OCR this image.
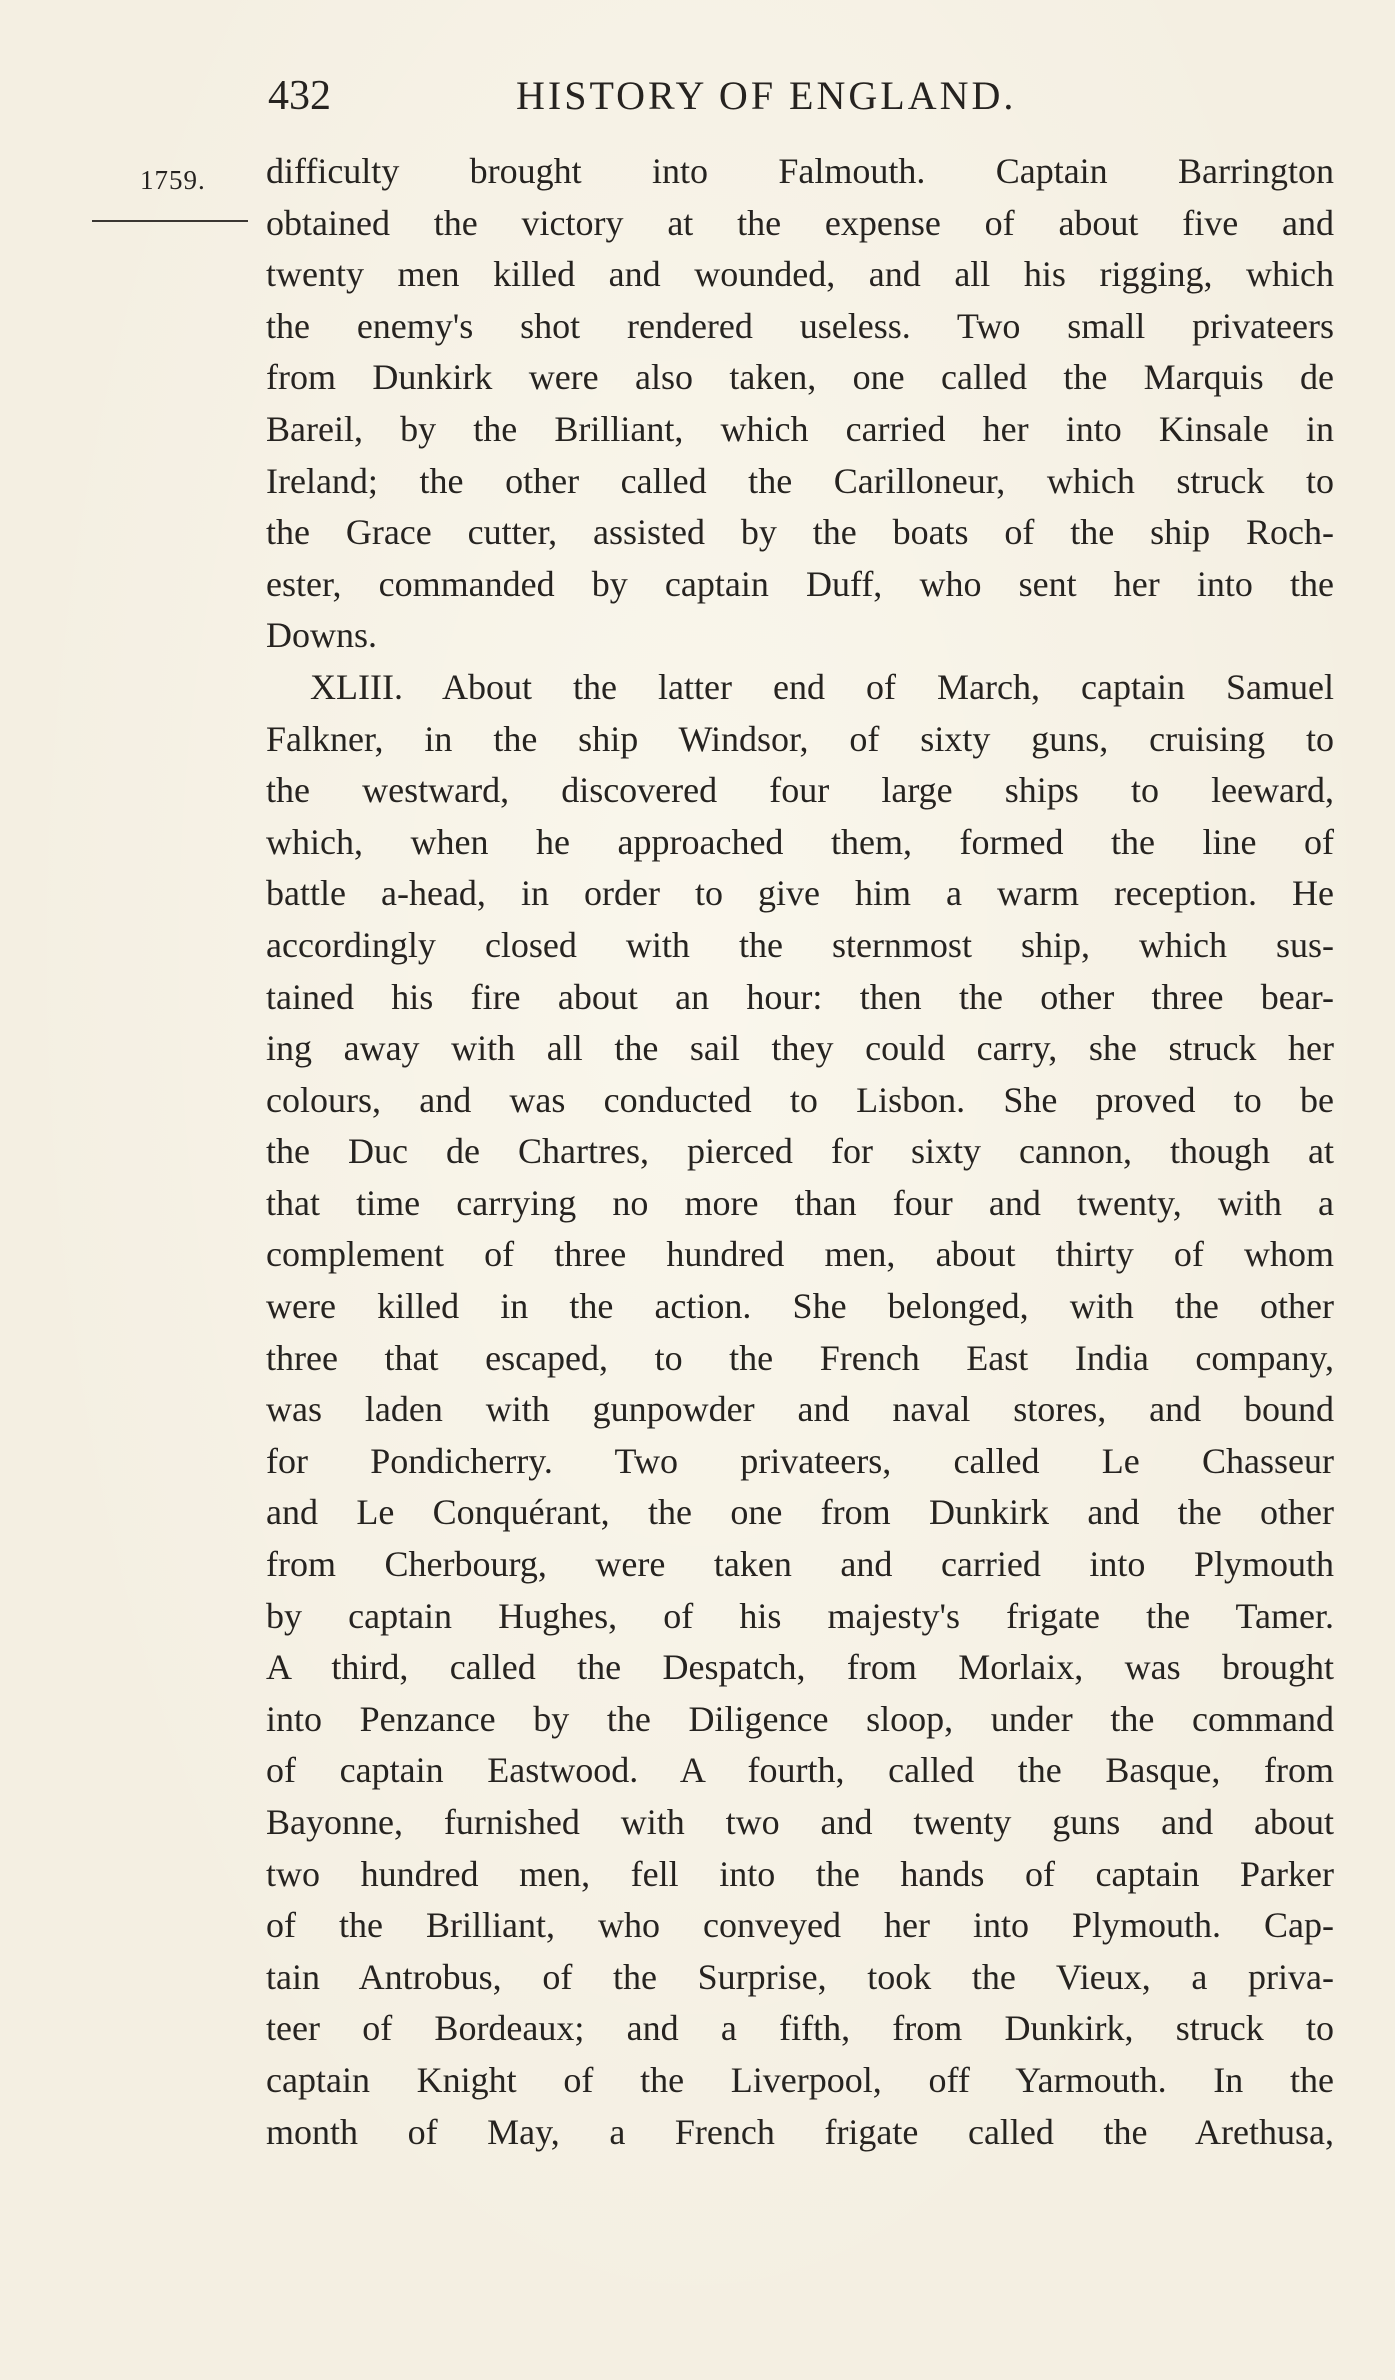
432	HISTORY OF ENGLAND.
1759. difficulty brought into Falmouth. Captain Barrington
obtained the victory at the expense of about five and
twenty men killed and wounded, and all his rigging, which
the enemy's shot rendered useless. Two small privateers
from Dunkirk were also taken, one called the Marquis de
Bareil, by the Brilliant, which carried her into Kinsale in
Ireland; the other called the Carilloneur, which struck to
the Grace cutter, assisted by the boats of the ship Roch-
ester, commanded by captain Duff, who sent her into the
Downs.
XLIII. About the latter end of March, captain Samuel
Falkner, in the ship Windsor, of sixty guns, cruising to
the westward, discovered four large ships to leeward,
which, when he approached them, formed the line of
battle a-head, in order to give him a warm reception. He
accordingly closed with the sternmost ship, which sus-
tained his fire about an hour: then the other three bear-
ing away with all the sail they could carry, she struck her
colours, and was conducted to Lisbon. She proved to be
the Duc de Chartres, pierced for sixty cannon, though at
that time carrying no more than four and twenty, with a
complement of three hundred men, about thirty of whom
were killed in the action. She belonged, with the other
three that escaped, to the French East India company,
was laden with gunpowder and naval stores, and bound
for Pondicherry. Two privateers, called Le Chasseur
and Le Conquérant, the one from Dunkirk and the other
from Cherbourg, were taken and carried into Plymouth
by captain Hughes, of his majesty's frigate the Tamer.
A third, called the Despatch, from Morlaix, was brought
into Penzance by the Diligence sloop, under the command
of captain Eastwood. A fourth, called the Basque, from
Bayonne, furnished with two and twenty guns and about
two hundred men, fell into the hands of captain Parker
of the Brilliant, who conveyed her into Plymouth. Cap-
tain Antrobus, of the Surprise, took the Vieux, a priva-
teer of Bordeaux; and a fifth, from Dunkirk, struck to
captain Knight of the Liverpool, off Yarmouth. In the
month of May, a French frigate called the Arethusa,
